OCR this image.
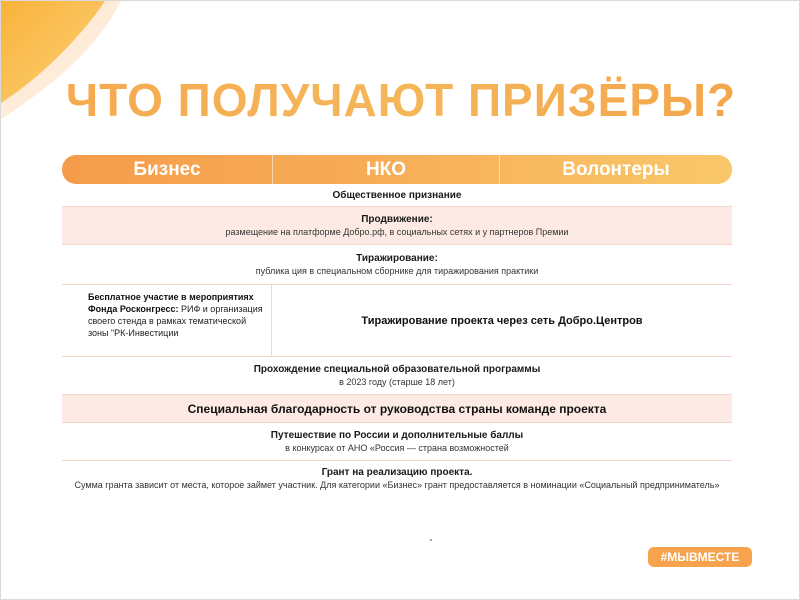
ЧТО ПОЛУЧАЮТ ПРИЗЁРЫ?
Бизнес	НКО	Волонтеры
Общественное признание
Продвижение:
размещение на платформе Добро.рф, в социальных сетях и у партнеров Премии
Тиражирование:
публика ция в специальном сборнике для тиражирования практики
Бесплатное участие в мероприятиях Фонда Росконгресс: РИФ и организация своего стенда в рамках тематической зоны "РК-Инвестиции
Тиражирование проекта через сеть Добро.Центров
Прохождение специальной образовательной программы
в 2023 году (старше 18 лет)
Специальная благодарность от руководства страны команде проекта
Путешествие по России и дополнительные баллы
в конкурсах от АНО «Россия — страна возможностей
Грант на реализацию проекта.
Сумма гранта зависит от места, которое займет участник. Для категории «Бизнес» грант предоставляется в номинации «Социальный предприниматель»
#МЫВМЕСТЕ
